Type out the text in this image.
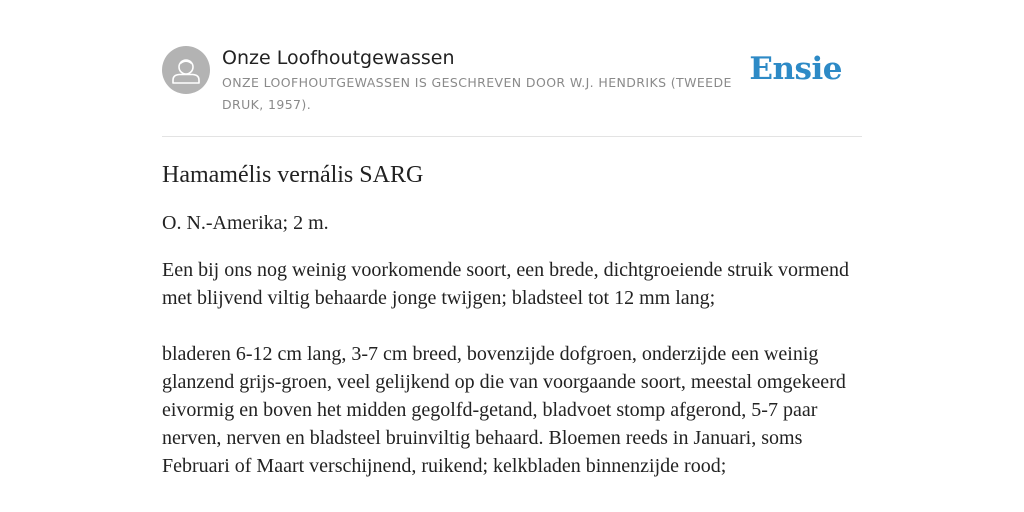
Onze Loofhoutgewassen
ONZE LOOFHOUTGEWASSEN IS GESCHREVEN DOOR W.J. HENDRIKS (TWEEDE DRUK, 1957).
Ensie
Hamamélis vernális SARG

O. N.-Amerika; 2 m.

Een bij ons nog weinig voorkomende soort, een brede, dichtgroeiende struik vormend met blijvend viltig behaarde jonge twijgen; bladsteel tot 12 mm lang;

bladeren 6-12 cm lang, 3-7 cm breed, bovenzijde dofgroen, onderzijde een weinig glanzend grijs-groen, veel gelijkend op die van voorgaande soort, meestal omgekeerd eivormig en boven het midden gegolfd-getand, bladvoet stomp afgerond, 5-7 paar nerven, nerven en bladsteel bruinviltig behaard. Bloemen reeds in Januari, soms Februari of Maart verschijnend, ruikend; kelkbladen binnenzijde rood;
